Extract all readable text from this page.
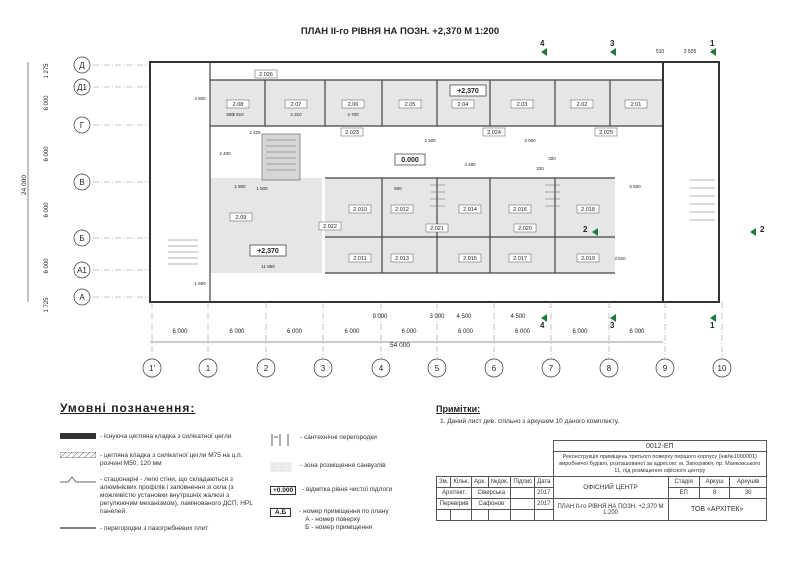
ПЛАН ІІ-го РІВНЯ НА ПОЗН. +2,370 М 1:200
Д
Д1
Г
В
Б
А1
А
1 275
6 000
6 000
6 000
6 000
1 725
1'	1	2	3	4	5	6	7	8	9	10
6 000	6 000	6 000	6 000	6 000	6 000	6 000	6 000	6 000
9 000	3 000 4 500	4 500
510	3 505
2.08	2.07	2.06	2.05	2.04	2.03	2.02	2.01
2.026
2.023	2.024	2.025
2.010	2.012	2.014	2.016	2.018
2.011	2.013	2.015	2.017	2.019
2.09
2.022	2.021	2.020
4 800
2 510
900	4 310	4 700
3 300	3 000
2 425
2 400
1 800 1 500
11 850
4 480
5 560
1 950
3 620
300
320
800
+2,370
0.000
+2,370
4	3	1
4	3	1
2	2
54 000
24 000
Умовні позначення:
- існуюча цегляна кладка з силікатної цегли
- цегляна кладка з силікатної цегли М75 на ц.п. розчині М50, 120 мм
- стаціонарні - легкі стіни, що складаються з алюмінієвих профілів і заповнення зі скла (з можливістю установки внутрішніх жалюзі з регулюючим механізмом), ламінованого ДСП, HPL панелей.
- перегородки з пазогребневих плит
- сантехнічні перегородки
- зона розміщення санвузлів
+0.000	- відмітка рівня чистої підлоги
А.Б	- номер приміщення по плану
А - номер поверху
Б - номер приміщення
Примітки:

1. Даний лист див. спільно з аркушем 10 даного комплекту.

						0012-ЕП			
						Реконструкція приміщень третього поверху першого корпусу (інв№1000001) виробничої будівлі, розташованої за адресою: м. Запоріжжя, пр. Маяковського 11, під розміщення офісного центру			
Зм.	Кільк.	Арк.	№док.	Підпис	Дата	ОФІСНИЙ ЦЕНТР	Стадія	Аркуш	Аркушів
Архітект.		Сіверська			2017		ЕП	8	30
Перевірив		Сафонов			2017	ПЛАН ІІ-го РІВНЯ НА ПОЗН. +2,370 М 1:200	ТОВ «АРХІТЕК»		
